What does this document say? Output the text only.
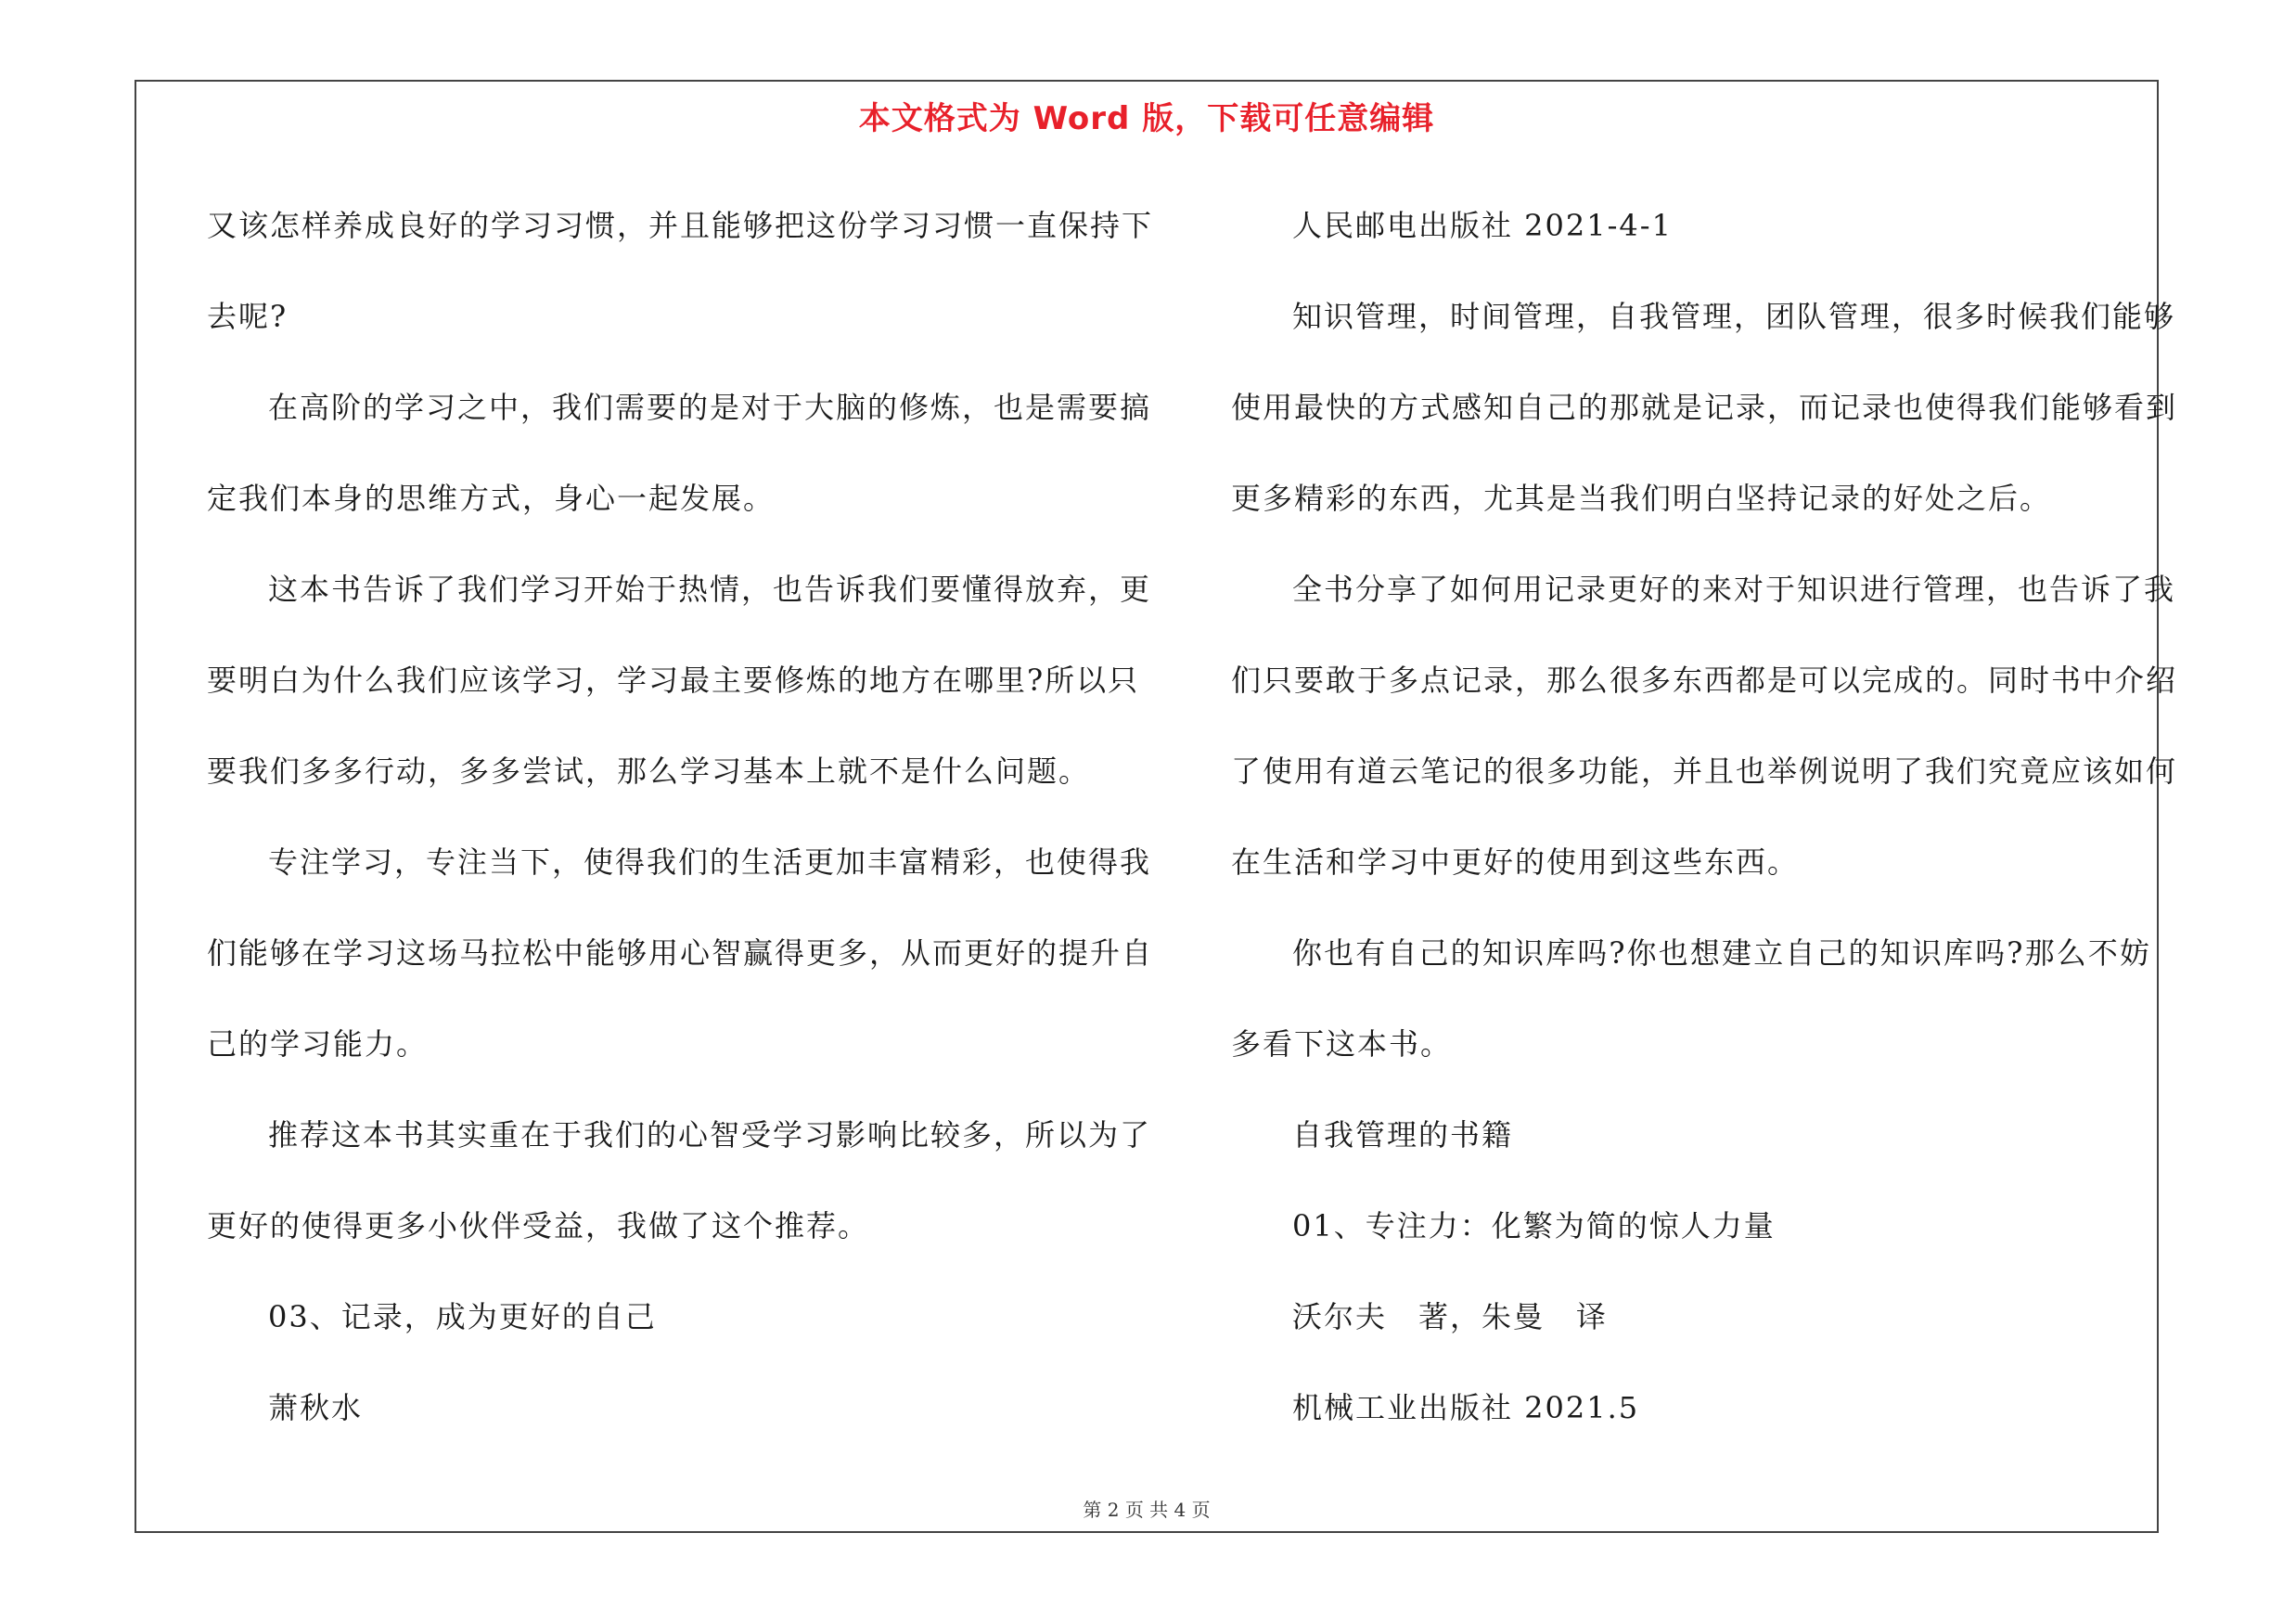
本文格式为 Word 版，下载可任意编辑
又该怎样养成良好的学习习惯，并且能够把这份学习习惯一直保持下
去呢?
在高阶的学习之中，我们需要的是对于大脑的修炼，也是需要搞
定我们本身的思维方式，身心一起发展。
这本书告诉了我们学习开始于热情，也告诉我们要懂得放弃，更
要明白为什么我们应该学习，学习最主要修炼的地方在哪里?所以只
要我们多多行动，多多尝试，那么学习基本上就不是什么问题。
专注学习，专注当下，使得我们的生活更加丰富精彩，也使得我
们能够在学习这场马拉松中能够用心智赢得更多，从而更好的提升自
己的学习能力。
推荐这本书其实重在于我们的心智受学习影响比较多，所以为了
更好的使得更多小伙伴受益，我做了这个推荐。
03、记录，成为更好的自己
萧秋水
人民邮电出版社 2021-4-1
知识管理，时间管理，自我管理，团队管理，很多时候我们能够
使用最快的方式感知自己的那就是记录，而记录也使得我们能够看到
更多精彩的东西，尤其是当我们明白坚持记录的好处之后。
全书分享了如何用记录更好的来对于知识进行管理，也告诉了我
们只要敢于多点记录，那么很多东西都是可以完成的。同时书中介绍
了使用有道云笔记的很多功能，并且也举例说明了我们究竟应该如何
在生活和学习中更好的使用到这些东西。
你也有自己的知识库吗?你也想建立自己的知识库吗?那么不妨
多看下这本书。
自我管理的书籍
01、专注力：化繁为简的惊人力量
沃尔夫　著，朱曼　译
机械工业出版社 2021.5
第 2 页 共 4 页
